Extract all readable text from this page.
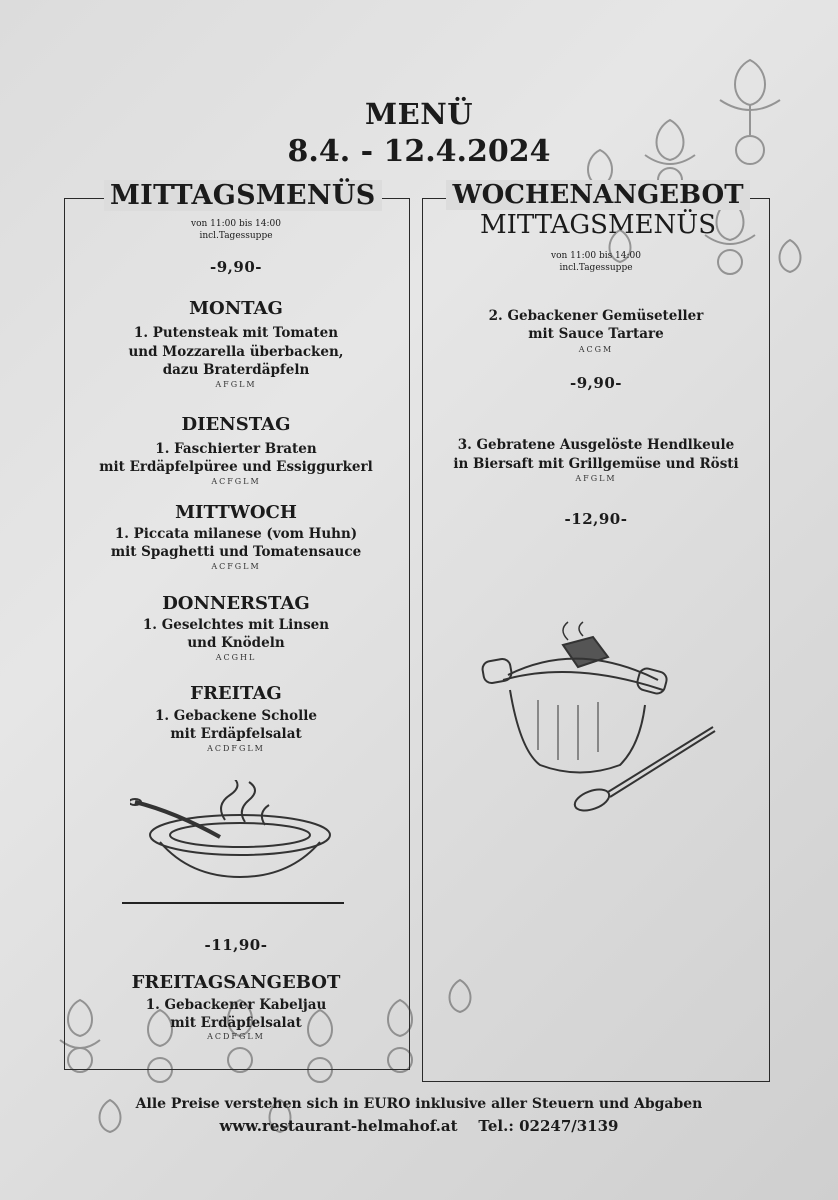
MENÜ
8.4. - 12.4.2024
MITTAGSMENÜS	WOCHENANGEBOT
MITTAGSMENÜS
von 11:00 bis 14:00
incl.Tagessuppe
-9,90-
MONTAG
1. Putensteak mit Tomaten
und Mozzarella überbacken,
dazu Braterdäpfeln
AFGLM
DIENSTAG
1. Faschierter Braten
mit Erdäpfelpüree und Essiggurkerl
ACFGLM
MITTWOCH
1. Piccata milanese (vom Huhn)
mit Spaghetti und Tomatensauce
ACFGLM
DONNERSTAG
1. Geselchtes mit Linsen
und Knödeln
ACGHL
FREITAG
1. Gebackene Scholle
mit Erdäpfelsalat
ACDFGLM
-11,90-
FREITAGSANGEBOT
1. Gebackener Kabeljau
mit Erdäpfelsalat
ACDFGLM
von 11:00 bis 14:00
incl.Tagessuppe
2. Gebackener Gemüseteller
mit Sauce Tartare
ACGM
-9,90-
3. Gebratene Ausgelöste Hendlkeule
in Biersaft mit Grillgemüse und Rösti
AFGLM
-12,90-
Alle Preise verstehen sich in EURO inklusive aller Steuern und Abgaben
www.restaurant-helmahof.at Tel.: 02247/3139
